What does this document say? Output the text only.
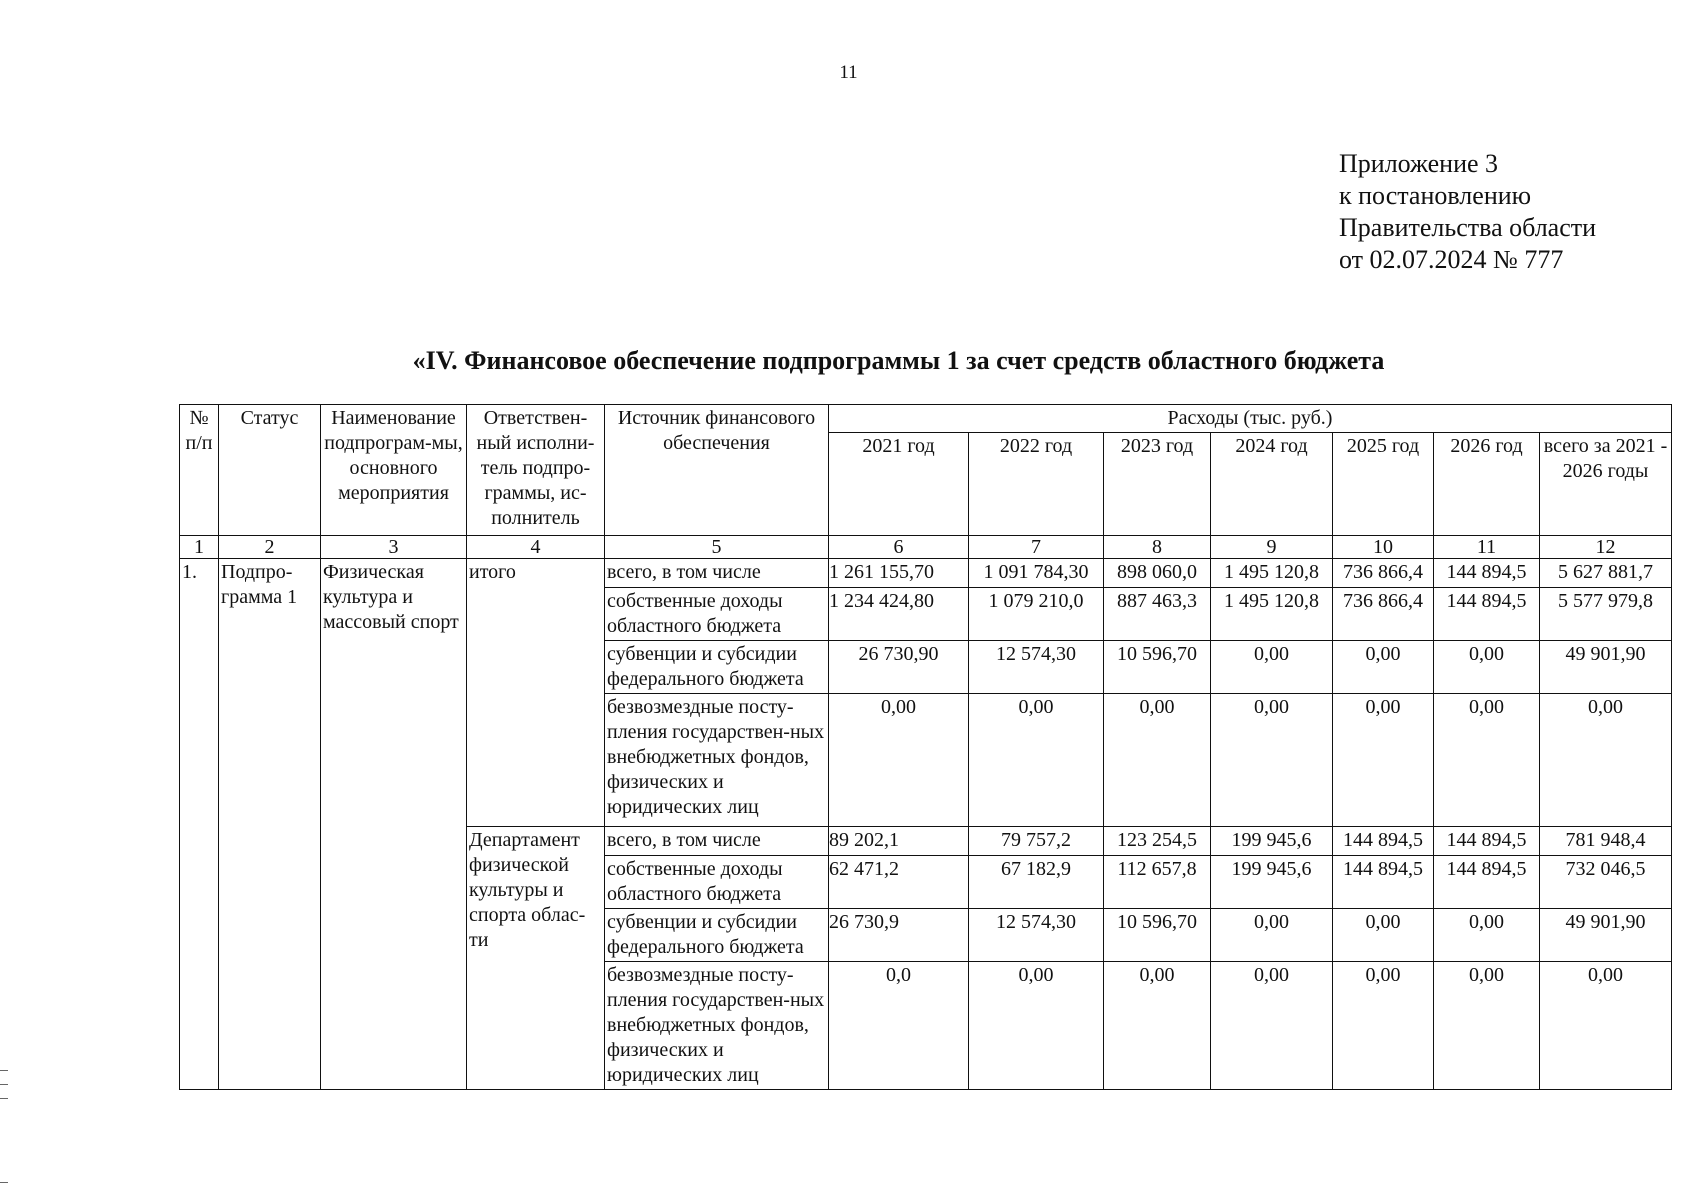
11
Приложение 3
к постановлению
Правительства области
от 02.07.2024 № 777
«IV. Финансовое обеспечение подпрограммы 1 за счет средств областного бюджета
№ п/п	Статус	Наименование подпрограм-мы, основного мероприятия	Ответствен-ный исполни-тель подпро-граммы, ис-полнитель	Источник финансового обеспечения	Расходы (тыс. руб.)						
					2021 год	2022 год	2023 год	2024 год	2025 год	2026 год	всего за 2021 - 2026 годы
1	2	3	4	5	6	7	8	9	10	11	12
1.	Подпро-грамма 1	Физическая культура и массовый спорт	итого	всего, в том числе	1 261 155,70	1 091 784,30	898 060,0	1 495 120,8	736 866,4	144 894,5	5 627 881,7
				собственные доходы областного бюджета	1 234 424,80	1 079 210,0	887 463,3	1 495 120,8	736 866,4	144 894,5	5 577 979,8
				субвенции и субсидии федерального бюджета	26 730,90	12 574,30	10 596,70	0,00	0,00	0,00	49 901,90
				безвозмездные посту-пления государствен-ных внебюджетных фондов, физических и юридических лиц	0,00	0,00	0,00	0,00	0,00	0,00	0,00
			Департамент физической культуры и спорта облас-ти	всего, в том числе	89 202,1	79 757,2	123 254,5	199 945,6	144 894,5	144 894,5	781 948,4
				собственные доходы областного бюджета	62 471,2	67 182,9	112 657,8	199 945,6	144 894,5	144 894,5	732 046,5
				субвенции и субсидии федерального бюджета	26 730,9	12 574,30	10 596,70	0,00	0,00	0,00	49 901,90
				безвозмездные посту-пления государствен-ных внебюджетных фондов, физических и юридических лиц	0,0	0,00	0,00	0,00	0,00	0,00	0,00
